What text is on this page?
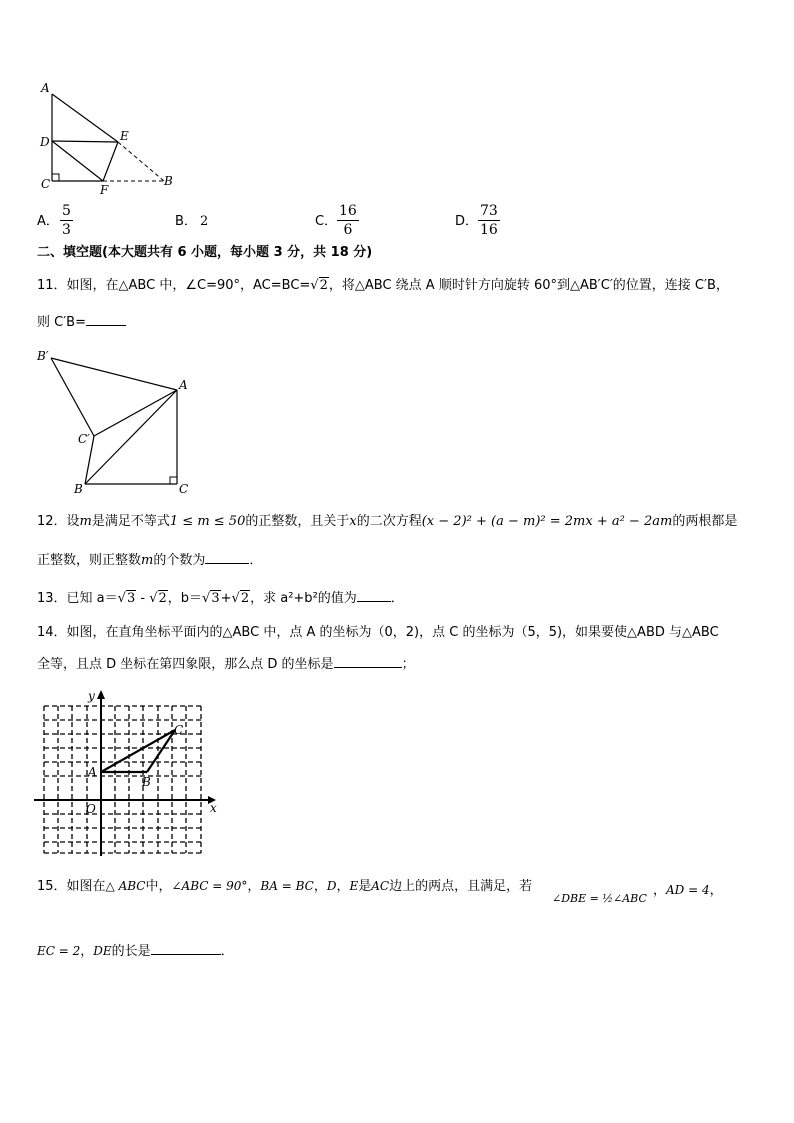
A
D	E
C	F
B
A．
5
3
B． 2	C．
16
6
D．
73
16
二、填空题(本大题共有 6 小题，每小题 3 分，共 18 分)
11．如图，在△ABC 中，∠C=90°，AC=BC=√2，将△ABC 绕点 A 顺时针方向旋转 60°到△AB′C′的位置，连接 C′B，
则 C′B=
B′
A
C′
B	C
12．设m是满足不等式1 ≤ m ≤ 50的正整数，且关于x的二次方程(x − 2)² + (a − m)² = 2mx + a² − 2am的两根都是
正整数，则正整数m的个数为	．
13．已知 a＝√3 - √2，b＝√3+√2，求 a²+b²的值为	．
14．如图，在直角坐标平面内的△ABC 中，点 A 的坐标为（0，2)，点 C 的坐标为（5，5)，如果要使△ABD 与△ABC
全等，且点 D 坐标在第四象限，那么点 D 的坐标是	；
y
x
O
A
B
C
15．如图在△ ABC中，∠ABC = 90°，BA = BC，D，E是AC边上的两点，且满足，若
∠DBE = ½∠ABC
，AD = 4，
EC = 2，DE的长是	．
